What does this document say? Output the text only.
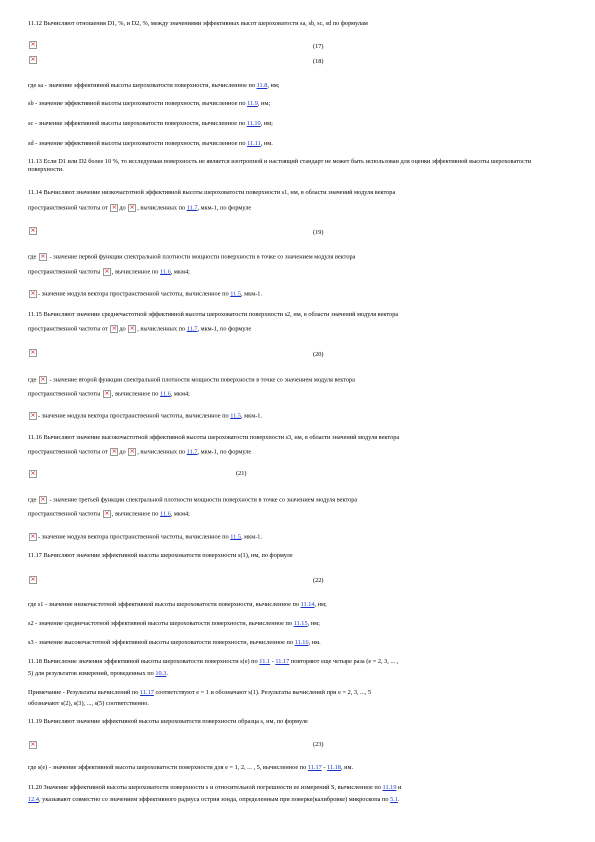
11.12 Вычисляют отношения D1, %, и D2, %, между значениями эффективных высот шероховатости sa, sb, sc, sd по формулам
×
(17)
×
(18)
где sa - значение эффективной высоты шероховатости поверхности, вычисленное по 11.8, нм;
sb - значение эффективной высоты шероховатости поверхности, вычисленное по 11.9, нм;
sc - значение эффективной высоты шероховатости поверхности, вычисленное по 11.10, нм;
sd - значение эффективной высоты шероховатости поверхности, вычисленное по 11.11, нм.
11.13 Если D1 или D2 более 10 %, то исследуемая поверхность не является изотропной и настоящий стандарт не может быть использован для оценки эффективной высоты шероховатости поверхности.
11.14 Вычисляют значение низкочастотной эффективной высоты шероховатости поверхности s1, нм, в области значений модуля вектора
пространственной частоты от × до × , вычисленных по 11.7, мкм-1, по формуле
×
(19)
где × - значение первой функции спектральной плотности мощности поверхности в точке со значением модуля вектора
пространственной частоты × , вычисленное по 11.6, мкм4;
×- значение модуля вектора пространственной частоты, вычисленное по 11.5, мкм-1.
11.15 Вычисляют значение среднечастотной эффективной высоты шероховатости поверхности s2, нм, в области значений модуля вектора
пространственной частоты от × до × , вычисленных по 11.7, мкм-1, по формуле
×
(20)
где × - значение второй функции спектральной плотности мощности поверхности в точке со значением модуля вектора
пространственной частоты × , вычисленное по 11.6, мкм4;
×- значение модуля вектора пространственной частоты, вычисленное по 11.5, мкм-1.
11.16 Вычисляют значение высокочастотной эффективной высоты шероховатости поверхности s3, нм, в области значений модуля вектора
пространственной частоты от × до × , вычисленных по 11.7, мкм-1, по формуле
×
(21)
где × - значение третьей функции спектральной плотности мощности поверхности в точке со значением модуля вектора
пространственной частоты × , вычисленное по 11.6, мкм4;
×- значение модуля вектора пространственной частоты, вычисленное по 11.5, мкм-1.
11.17 Вычисляют значение эффективной высоты шероховатости поверхности s(1), нм, по формуле
×
(22)
где s1 - значение низкочастотной эффективной высоты шероховатости поверхности, вычисленное по 11.14, нм;
s2 - значение среднечастотной эффективной высоты шероховатости поверхности, вычисленное по 11.15, нм;
s3 - значение высокочастотной эффективной высоты шероховатости поверхности, вычисленное по 11.16, нм.
11.18 Вычисление значения эффективной высоты шероховатости поверхности s(e) по 11.1 - 11.17 повторяют еще четыре раза (e = 2, 3, ... ,
5) для результатов измерений, проведенных по 10.3.
Примечание - Результаты вычислений по 11.17 соответствуют e = 1 и обозначают s(1). Результаты вычислений при e = 2, 3, ..., 5
обозначают s(2), s(3), ..., s(5) соответственно.
11.19 Вычисляют значение эффективной высоты шероховатости поверхности образца s, нм, по формуле
×
(23)
где s(e) - значение эффективной высоты шероховатости поверхности для e = 1, 2, ... , 5, вычисленное по 11.17 - 11.18, нм.
11.20 Значение эффективной высоты шероховатости поверхности s и относительной погрешности ее измерений S, вычисленное по 11.19 и
12.4, указывают совместно со значением эффективного радиуса острия зонда, определенным при поверке(калибровке) микроскопа по 5.1.
